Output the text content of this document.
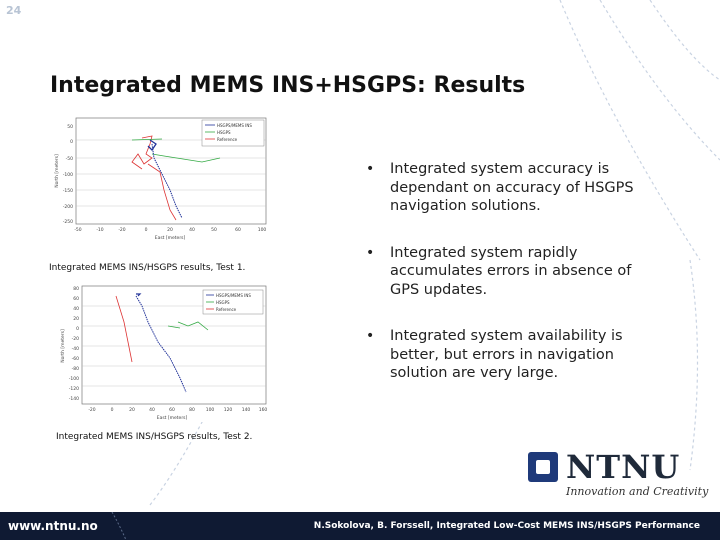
24
Integrated MEMS INS+HSGPS: Results
HSGPS/MEMS INS
HSGPS
Reference
50
0
-50
-100
-150
-200
-250
-50	-10	-20	0	20	40	50	60	100
East [meters]
North [meters]
Integrated MEMS INS/HSGPS results, Test 1.
HSGPS/MEMS INS
HSGPS
Reference
80
60
40
20
0
-20
-40
-60
-80
-100
-120
-140
-20	0	20	40	60	80 100 120 140 160
East [meters]
North [meters]
Integrated MEMS INS/HSGPS results, Test 2.
• Integrated system accuracy is dependant on accuracy of HSGPS navigation solutions.
• Integrated system rapidly accumulates errors in absence of GPS updates.
• Integrated system availability is better, but errors in navigation solution are very large.
NTNU
Innovation and Creativity
www.ntnu.no	N.Sokolova, B. Forssell, Integrated Low-Cost MEMS INS/HSGPS Performance
